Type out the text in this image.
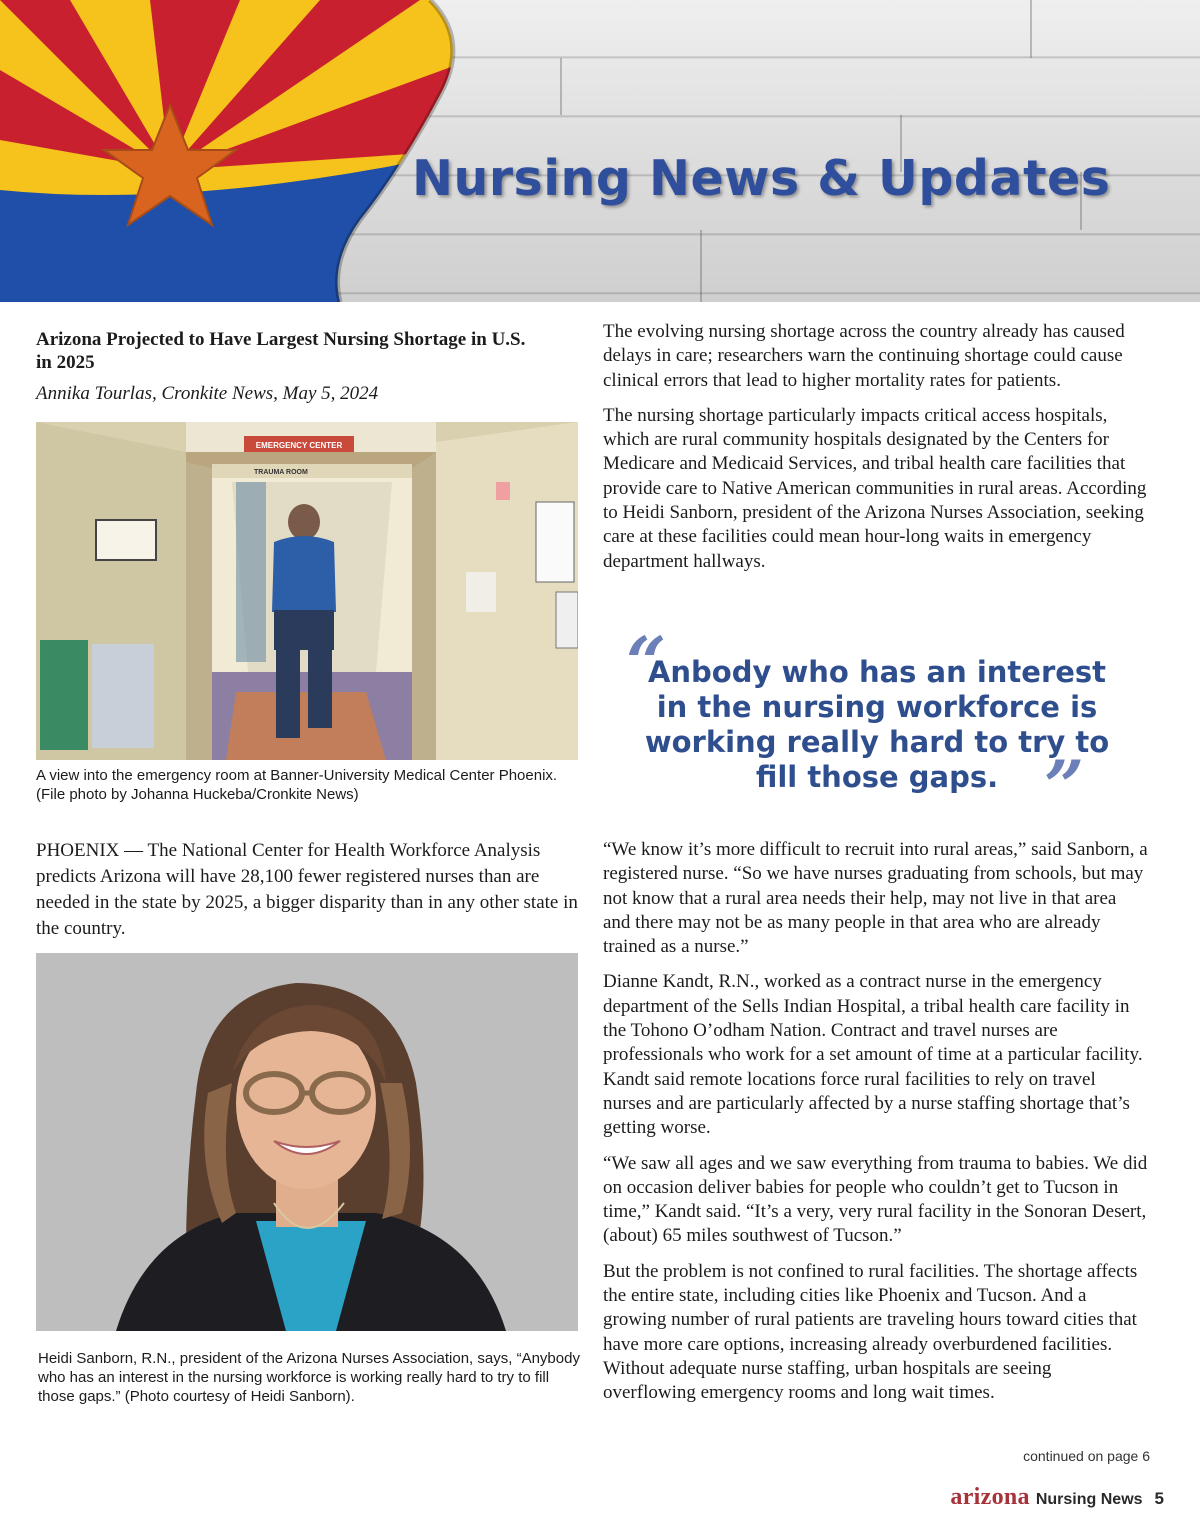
Nursing News & Updates
Arizona Projected to Have Largest Nursing Shortage in U.S. in 2025
Annika Tourlas, Cronkite News, May 5, 2024
EMERGENCY CENTER
TRAUMA ROOM
A view into the emergency room at Banner-University Medical Center Phoenix. (File photo by Johanna Huckeba/Cronkite News)

PHOENIX — The National Center for Health Workforce Analysis predicts Arizona will have 28,100 fewer registered nurses than are needed in the state by 2025, a bigger disparity than in any other state in the country.

Heidi Sanborn, R.N., president of the Arizona Nurses Association, says, “Anybody who has an interest in the nursing workforce is working really hard to try to fill those gaps.” (Photo courtesy of Heidi Sanborn).

The evolving nursing shortage across the country already has caused delays in care; researchers warn the continuing shortage could cause clinical errors that lead to higher mortality rates for patients.

The nursing shortage particularly impacts critical access hospitals, which are rural community hospitals designated by the Centers for Medicare and Medicaid Services, and tribal health care facilities that provide care to Native American communities in rural areas. According to Heidi Sanborn, president of the Arizona Nurses Association, seeking care at these facilities could mean hour-long waits in emergency department hallways.

“
Anbody who has an interest in the nursing workforce is working really hard to try to fill those gaps. ”

“We know it’s more difficult to recruit into rural areas,” said Sanborn, a registered nurse. “So we have nurses graduating from schools, but may not know that a rural area needs their help, may not live in that area and there may not be as many people in that area who are already trained as a nurse.”

Dianne Kandt, R.N., worked as a contract nurse in the emergency department of the Sells Indian Hospital, a tribal health care facility in the Tohono O’odham Nation. Contract and travel nurses are professionals who work for a set amount of time at a particular facility. Kandt said remote locations force rural facilities to rely on travel nurses and are particularly affected by a nurse staffing shortage that’s getting worse.

“We saw all ages and we saw everything from trauma to babies. We did on occasion deliver babies for people who couldn’t get to Tucson in time,” Kandt said. “It’s a very, very rural facility in the Sonoran Desert, (about) 65 miles southwest of Tucson.”

But the problem is not confined to rural facilities. The shortage affects the entire state, including cities like Phoenix and Tucson. And a growing number of rural patients are traveling hours toward cities that have more care options, increasing already overburdened facilities. Without adequate nurse staffing, urban hospitals are seeing overflowing emergency rooms and long wait times.

continued on page 6
arizona Nursing News 5
